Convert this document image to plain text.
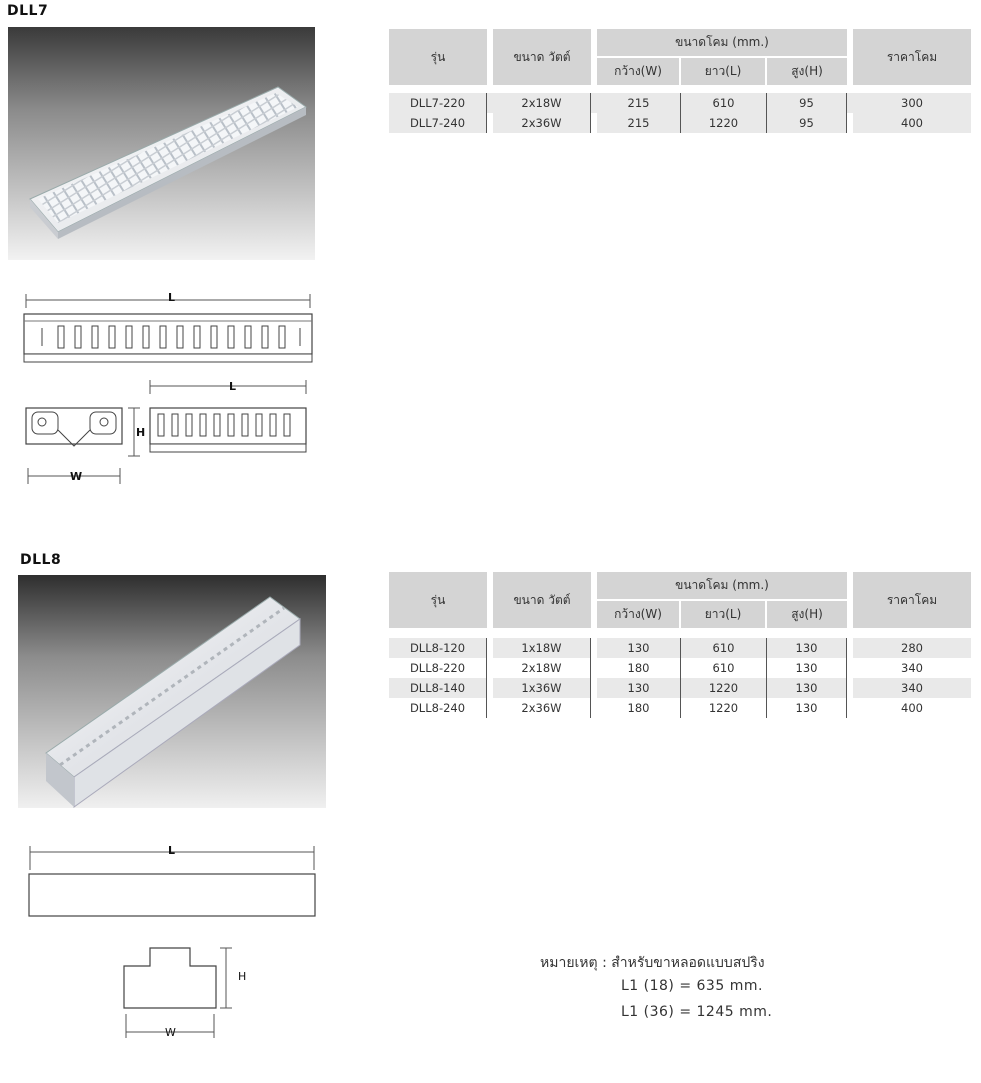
DLL7
L
H
W
L
รุ่น		ขนาด วัตต์		ขนาดโคม (mm.)				ราคาโคม
				กว้าง(W)	ยาว(L)	สูง(H)		

DLL7-220		2x18W		215	610	95		300
DLL7-240		2x36W		215	1220	95		400
DLL8
L
H
W
รุ่น		ขนาด วัตต์		ขนาดโคม (mm.)				ราคาโคม
				กว้าง(W)	ยาว(L)	สูง(H)		

DLL8-120		1x18W		130	610	130		280
DLL8-220		2x18W		180	610	130		340
DLL8-140		1x36W		130	1220	130		340
DLL8-240		2x36W		180	1220	130		400
หมายเหตุ : สำหรับขาหลอดแบบสปริง
L1 (18) = 635 mm.
L1 (36) = 1245 mm.
